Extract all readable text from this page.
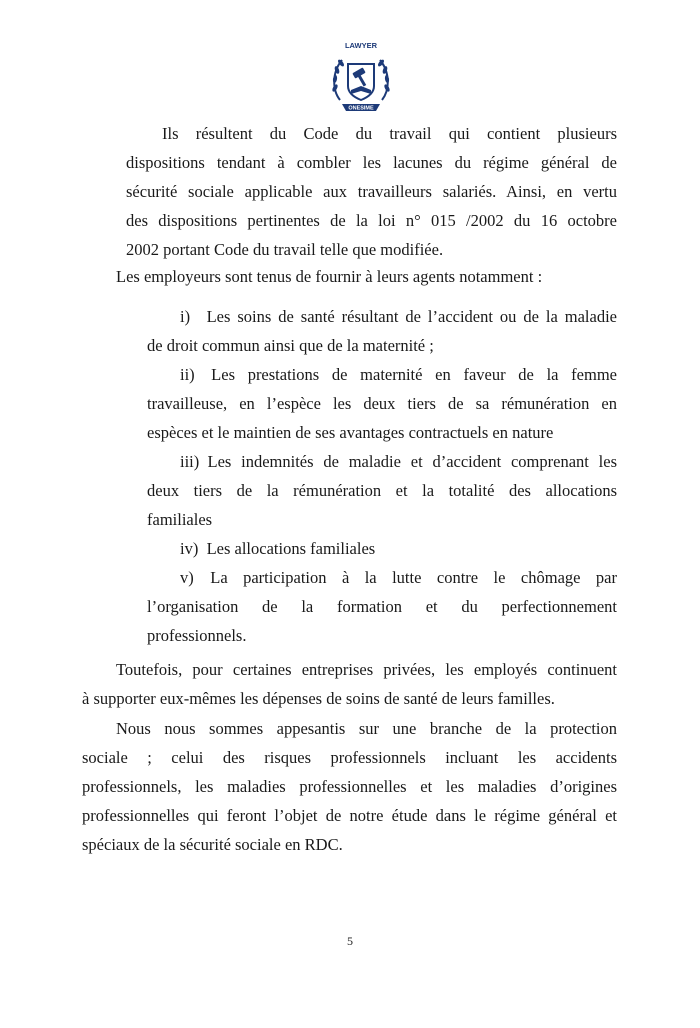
LAWYER
ONESIME
Ils résultent du Code du travail qui contient plusieurs
dispositions tendant à combler les lacunes du régime général de
sécurité sociale applicable aux travailleurs salariés. Ainsi, en vertu
des dispositions pertinentes de la loi n° 015 /2002 du 16 octobre
2002 portant Code du travail telle que modifiée.
Les employeurs sont tenus de fournir à leurs agents notamment :
i) Les soins de santé résultant de l’accident ou de la maladie
de droit commun ainsi que de la maternité ;
ii) Les prestations de maternité en faveur de la femme
travailleuse, en l’espèce les deux tiers de sa rémunération en
espèces et le maintien de ses avantages contractuels en nature
iii) Les indemnités de maladie et d’accident comprenant les
deux tiers de la rémunération et la totalité des allocations
familiales
iv) Les allocations familiales
v) La participation à la lutte contre le chômage par
l’organisation de la formation et du perfectionnement
professionnels.
Toutefois, pour certaines entreprises privées, les employés continuent
à supporter eux-mêmes les dépenses de soins de santé de leurs familles.
Nous nous sommes appesantis sur une branche de la protection
sociale ; celui des risques professionnels incluant les accidents
professionnels, les maladies professionnelles et les maladies d’origines
professionnelles qui feront l’objet de notre étude dans le régime général et
spéciaux de la sécurité sociale en RDC.
5
